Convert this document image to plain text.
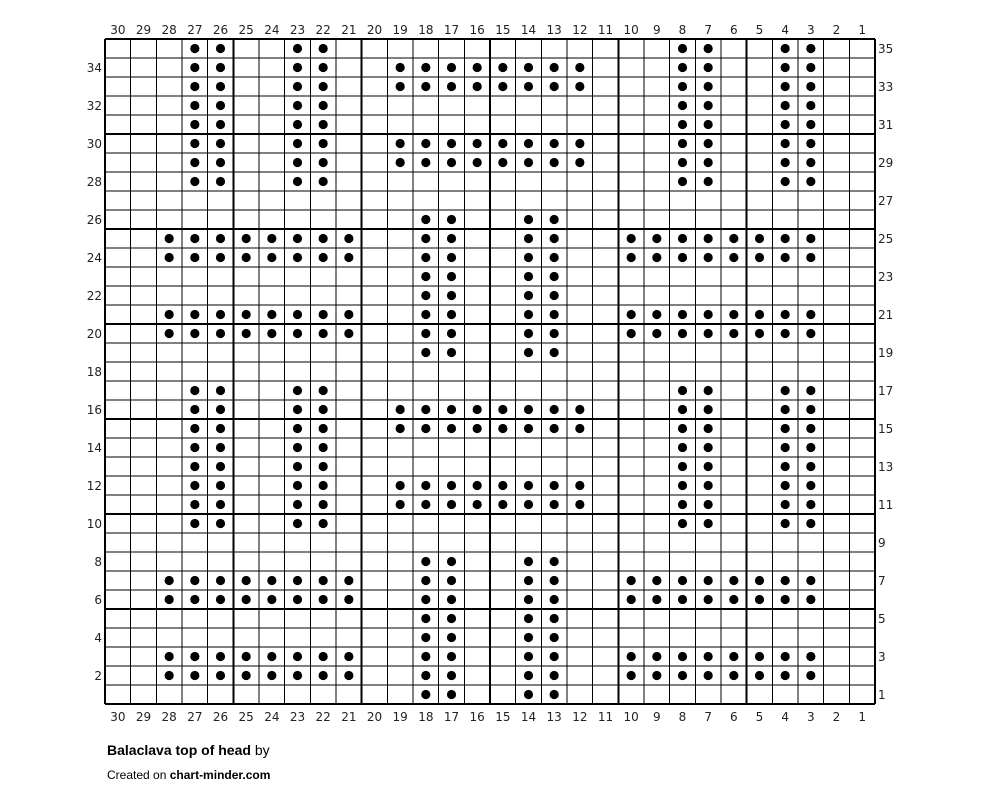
30
30
29
29
28
28
27
27
26
26
25
25
24
24
23
23
22
22
21
21
20
20
19
19
18
18
17
17
16
16
15
15
14
14
13
13
12
12
11
11
10
10
9
9
8
8
7
7
6
6
5
5
4
4
3
3
2
2
1
1
34
32
30
28
26
24
22
20
18
16
14
12
10
8
6
4
2
35
33
31
29
27
25
23
21
19
17
15
13
11
9
7
5
3
1
Balaclava top of head by
Created on chart-minder.com
